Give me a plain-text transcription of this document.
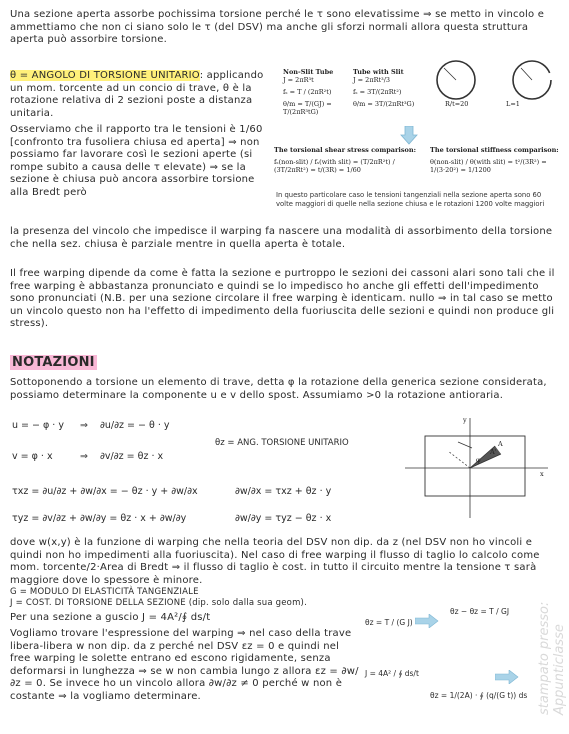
Una sezione aperta assorbe pochissima torsione perché le τ sono elevatissime ⇒ se metto in vincolo e ammettiamo che non ci siano solo le τ (del DSV) ma anche gli sforzi normali allora questa struttura aperta può assorbire torsione.
θ = ANGOLO DI TORSIONE UNITARIO: applicando un mom. torcente ad un concio di trave, θ è la rotazione relativa di 2 sezioni poste a distanza unitaria.
Non-Slit Tube
J = 2πR³t
fₛ = T / (2πR²t)
θ/m = T/(GJ) = T/(2πR³tG)
Tube with Slit
J = 2πRt³/3
fₛ = 3T/(2πRt²)
θ/m = 3T/(2πRt³G)	R/t=20	L=1
The torsional shear stress comparison:
fₛ(non-slit) / fₛ(with slit) = (T/2πR²t) / (3T/2πRt²) = t/(3R) = 1/60
The torsional stiffness comparison:
θ(non-slit) / θ(with slit) = t²/(3R²) = 1/(3·20²) = 1/1200
In questo particolare caso le tensioni tangenziali nella sezione aperta sono 60 volte maggiori di quelle nella sezione chiusa e le rotazioni 1200 volte maggiori
Osserviamo che il rapporto tra le tensioni è 1/60 [confronto tra fusoliera chiusa ed aperta] ⇒ non possiamo far lavorare così le sezioni aperte (si rompe subito a causa delle τ elevate) ⇒ se la sezione è chiusa può ancora assorbire torsione alla Bredt però
la presenza del vincolo che impedisce il warping fa nascere una modalità di assorbimento della torsione che nella sez. chiusa è parziale mentre in quella aperta è totale.
Il free warping dipende da come è fatta la sezione e purtroppo le sezioni dei cassoni alari sono tali che il free warping è abbastanza pronunciato e quindi se lo impedisco ho anche gli effetti dell'impedimento sono pronunciati (N.B. per una sezione circolare il free warping è identicam. nullo ⇒ in tal caso se metto un vincolo questo non ha l'effetto di impedimento della fuoriuscita delle sezioni e quindi non produce gli stress).
NOTAZIONI
Sottoponendo a torsione un elemento di trave, detta φ la rotazione della generica sezione considerata, possiamo determinare la componente u e v dello spost. Assumiamo >0 la rotazione antioraria.
u = − φ · y ⇒ ∂u/∂z = − θ · y
θz = ANG. TORSIONE UNITARIO
v = φ · x	⇒ ∂v/∂z = θz · x
τxz = ∂u/∂z + ∂w/∂x = − θz · y + ∂w/∂x	∂w/∂x = τxz + θz · y
τyz = ∂v/∂z + ∂w/∂y = θz · x + ∂w/∂y	∂w/∂y = τyz − θz · x
y
x
A
A'
φ
dove w(x,y) è la funzione di warping che nella teoria del DSV non dip. da z (nel DSV non ho vincoli e quindi non ho impedimenti alla fuoriuscita). Nel caso di free warping il flusso di taglio lo calcolo come mom. torcente/2·Area di Bredt ⇒ il flusso di taglio è cost. in tutto il circuito mentre la tensione τ sarà maggiore dove lo spessore è minore.
G = MODULO DI ELASTICITÀ TANGENZIALE
J = COST. DI TORSIONE DELLA SEZIONE (dip. solo dalla sua geom).
Per una sezione a guscio J = 4A²/∮ ds/t
Vogliamo trovare l'espressione del warping ⇒ nel caso della trave libera-libera w non dip. da z perché nel DSV εz = 0 e quindi nel free warping le solette entrano ed escono rigidamente, senza deformarsi in lunghezza ⇒ se w non cambia lungo z allora εz = ∂w/∂z = 0. Se invece ho un vincolo allora ∂w/∂z ≠ 0 perché w non è costante ⇒ la vogliamo determinare.
θz = T / (G J)
θz − θz = T / GJ
J = 4A² / ∮ ds/t
θz = 1/(2A) · ∮ (q/(G t)) ds stampato presso: Appunticlasse
